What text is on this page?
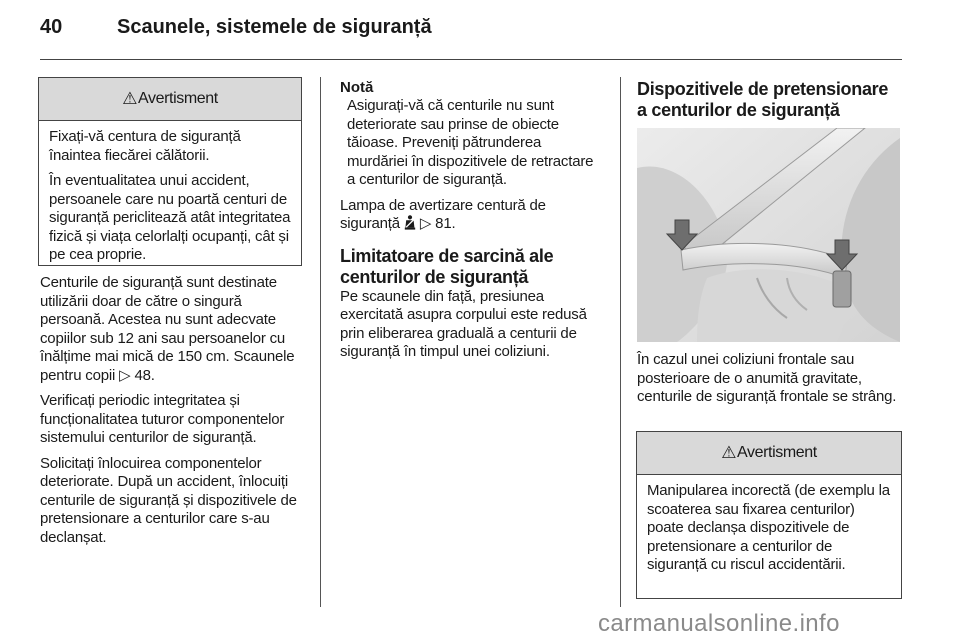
40	Scaunele, sistemele de siguranță
⚠ Avertisment

Fixați-vă centura de siguranță înaintea fiecărei călătorii.

În eventualitatea unui accident, persoanele care nu poartă centuri de siguranță periclitează atât integritatea fizică și viața celorlalți ocupanți, cât și pe cea proprie.

Centurile de siguranță sunt destinate utilizării doar de către o singură persoană. Acestea nu sunt adecvate copiilor sub 12 ani sau persoanelor cu înălțime mai mică de 150 cm. Scaunele pentru copii ▷ 48.

Verificați periodic integritatea și funcționalitatea tuturor componentelor sistemului centurilor de siguranță.

Solicitați înlocuirea componentelor deteriorate. După un accident, înlocuiți centurile de siguranță și dispozitivele de pretensionare a centurilor care s-au declanșat.

Notă

Asigurați-vă că centurile nu sunt deteriorate sau prinse de obiecte tăioase. Preveniți pătrunderea murdăriei în dispozitivele de retractare a centurilor de siguranță.

Lampa de avertizare centură de siguranță ▷ 81.

Limitatoare de sarcină ale centurilor de siguranță

Pe scaunele din față, presiunea exercitată asupra corpului este redusă prin eliberarea graduală a centurii de siguranță în timpul unei coliziuni.

Dispozitivele de pretensionare a centurilor de siguranță

În cazul unei coliziuni frontale sau posterioare de o anumită gravitate, centurile de siguranță frontale se strâng.

⚠ Avertisment

Manipularea incorectă (de exemplu la scoaterea sau fixarea centurilor) poate declanșa dispozitivele de pretensionare a centurilor de siguranță cu riscul accidentării.

carmanualsonline.info
